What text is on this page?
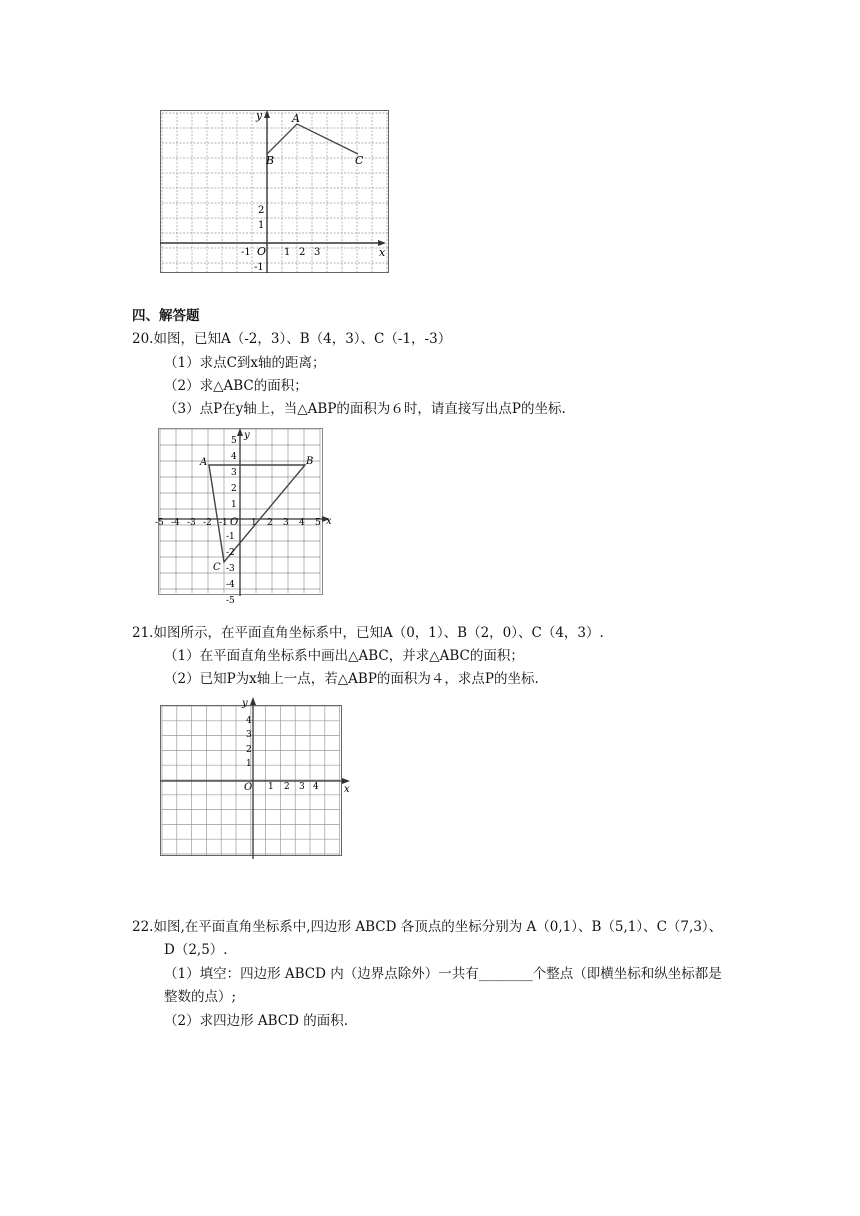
y
x
O
A
B	C
-1	1 2 3
2
1
-1
四、解答题
20.如图，已知A（-2，3）、B（4，3）、C（-1，-3）
（1）求点C到x轴的距离；
（2）求△ABC的面积；
（3）点P在y轴上，当△ABP的面积为６时，请直接写出点P的坐标.
y
x
O
A	B
C
-5 -4 -3 -2 -1	1 2 3 4 5
5
4
3
2
1
-1
-2
-3
-4
-5
21.如图所示，在平面直角坐标系中，已知A（0，1）、B（2，0）、C（4，3）.
（1）在平面直角坐标系中画出△ABC，并求△ABC的面积；
（2）已知P为x轴上一点，若△ABP的面积为４，求点P的坐标.
y
x
O 1 2 3 4
4
3
2
1
22.如图,在平面直角坐标系中,四边形 ABCD 各顶点的坐标分别为 A（0,1）、B（5,1）、C（7,3）、
D（2,5）.
（1）填空：四边形 ABCD 内（边界点除外）一共有________个整点（即横坐标和纵坐标都是
整数的点）;
（2）求四边形 ABCD 的面积.
